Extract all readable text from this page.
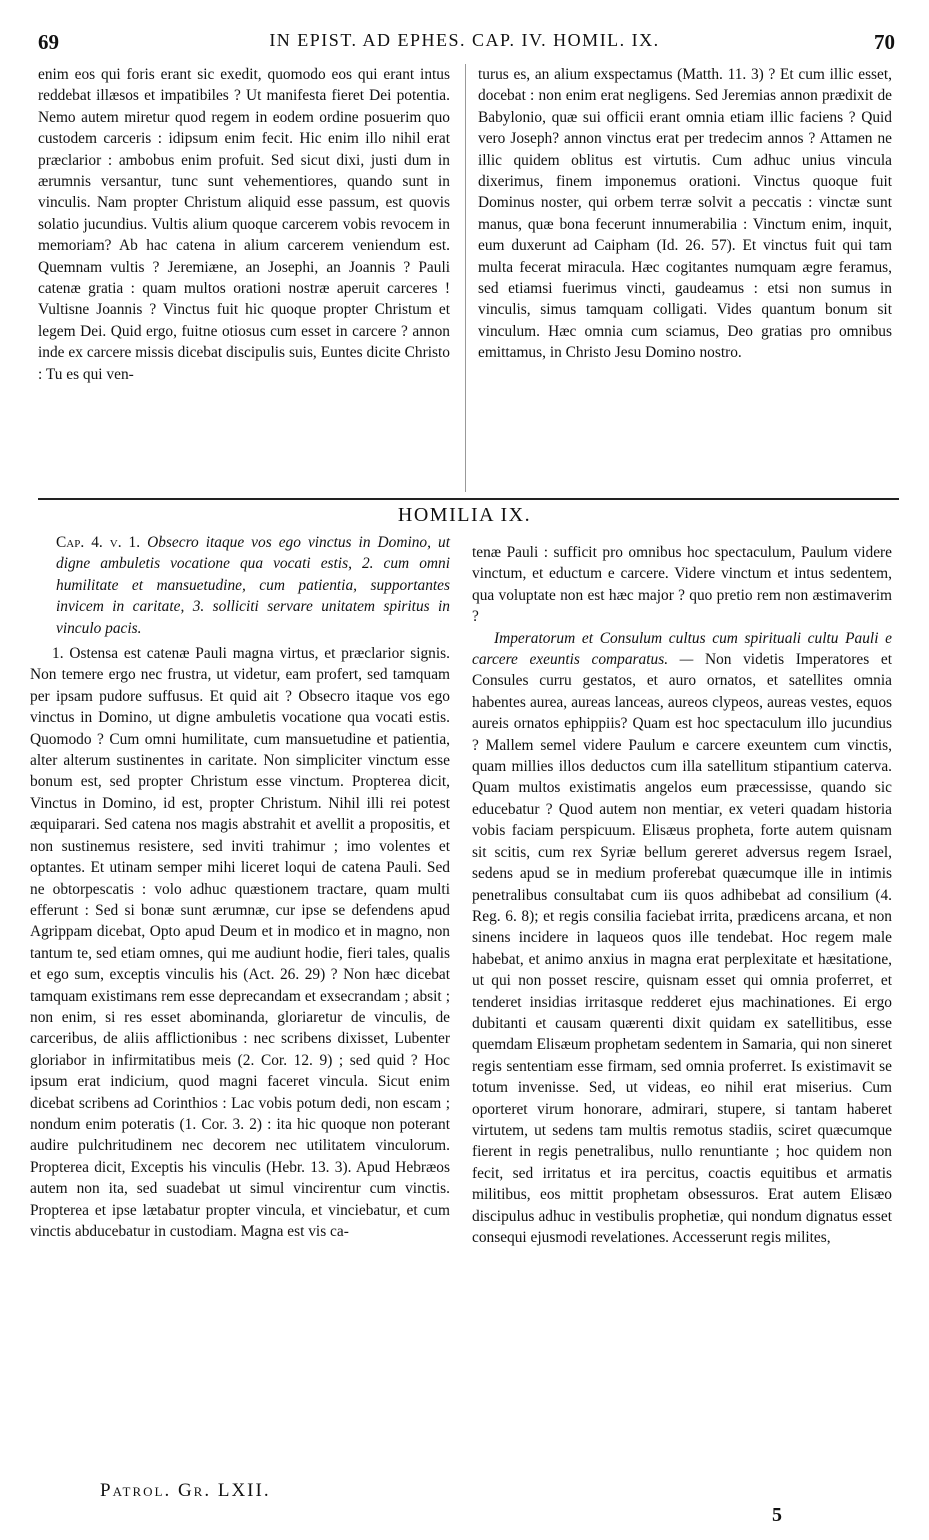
69	IN EPIST. AD EPHES. CAP. IV. HOMIL. IX.	70

enim eos qui foris erant sic exedit, quomodo eos qui erant intus reddebat illæsos et impatibiles ? Ut manifesta fieret Dei potentia. Nemo autem miretur quod regem in eodem ordine posuerim quo custodem carceris : idipsum enim fecit. Hic enim illo nihil erat præclarior : ambobus enim profuit. Sed sicut dixi, justi dum in ærumnis versantur, tunc sunt vehementiores, quando sunt in vinculis. Nam propter Christum aliquid esse passum, est quovis solatio jucundius. Vultis alium quoque carcerem vobis revocem in memoriam? Ab hac catena in alium carcerem veniendum est. Quemnam vultis ? Jeremiæne, an Josephi, an Joannis ? Pauli catenæ gratia : quam multos orationi nostræ aperuit carceres ! Vultisne Joannis ? Vinctus fuit hic quoque propter Christum et legem Dei. Quid ergo, fuitne otiosus cum esset in carcere ? annon inde ex carcere missis dicebat discipulis suis, Euntes dicite Christo : Tu es qui ven-

turus es, an alium exspectamus (Matth. 11. 3) ? Et cum illic esset, docebat : non enim erat negligens. Sed Jeremias annon prædixit de Babylonio, quæ sui officii erant omnia etiam illic faciens ? Quid vero Joseph? annon vinctus erat per tredecim annos ? Attamen ne illic quidem oblitus est virtutis. Cum adhuc unius vincula dixerimus, finem imponemus orationi. Vinctus quoque fuit Dominus noster, qui orbem terræ solvit a peccatis : vinctæ sunt manus, quæ bona fecerunt innumerabilia : Vinctum enim, inquit, eum duxerunt ad Caipham (Id. 26. 57). Et vinctus fuit qui tam multa fecerat miracula. Hæc cogitantes numquam ægre feramus, sed etiamsi fuerimus vincti, gaudeamus : etsi non sumus in vinculis, simus tamquam colligati. Vides quantum bonum sit vinculum. Hæc omnia cum sciamus, Deo gratias pro omnibus emittamus, in Christo Jesu Domino nostro.

HOMILIA IX.

Cap. 4. v. 1. Obsecro itaque vos ego vinctus in Domino, ut digne ambuletis vocatione qua vocati estis, 2. cum omni humilitate et mansuetudine, cum patientia, supportantes invicem in caritate, 3. solliciti servare unitatem spiritus in vinculo pacis.

1. Ostensa est catenæ Pauli magna virtus, et præclarior signis. Non temere ergo nec frustra, ut videtur, eam profert, sed tamquam per ipsam pudore suffusus. Et quid ait ? Obsecro itaque vos ego vinctus in Domino, ut digne ambuletis vocatione qua vocati estis. Quomodo ? Cum omni humilitate, cum mansuetudine et patientia, alter alterum sustinentes in caritate. Non simpliciter vinctum esse bonum est, sed propter Christum esse vinctum. Propterea dicit, Vinctus in Domino, id est, propter Christum. Nihil illi rei potest æquiparari. Sed catena nos magis abstrahit et avellit a propositis, et non sustinemus resistere, sed inviti trahimur ; imo volentes et optantes. Et utinam semper mihi liceret loqui de catena Pauli. Sed ne obtorpescatis : volo adhuc quæstionem tractare, quam multi efferunt : Sed si bonæ sunt ærumnæ, cur ipse se defendens apud Agrippam dicebat, Opto apud Deum et in modico et in magno, non tantum te, sed etiam omnes, qui me audiunt hodie, fieri tales, qualis et ego sum, exceptis vinculis his (Act. 26. 29) ? Non hæc dicebat tamquam existimans rem esse deprecandam et exsecrandam ; absit ; non enim, si res esset abominanda, gloriaretur de vinculis, de carceribus, de aliis afflictionibus : nec scribens dixisset, Lubenter gloriabor in infirmitatibus meis (2. Cor. 12. 9) ; sed quid ? Hoc ipsum erat indicium, quod magni faceret vincula. Sicut enim dicebat scribens ad Corinthios : Lac vobis potum dedi, non escam ; nondum enim poteratis (1. Cor. 3. 2) : ita hic quoque non poterant audire pulchritudinem nec decorem nec utilitatem vinculorum. Propterea dicit, Exceptis his vinculis (Hebr. 13. 3). Apud Hebræos autem non ita, sed suadebat ut simul vincirentur cum vinctis. Propterea et ipse lætabatur propter vincula, et vinciebatur, et cum vinctis abducebatur in custodiam. Magna est vis ca-

tenæ Pauli : sufficit pro omnibus hoc spectaculum, Paulum videre vinctum, et eductum e carcere. Videre vinctum et intus sedentem, qua voluptate non est hæc major ? quo pretio rem non æstimaverim ?

Imperatorum et Consulum cultus cum spirituali cultu Pauli e carcere exeuntis comparatus. — Non videtis Imperatores et Consules curru gestatos, et auro ornatos, et satellites omnia habentes aurea, aureas lanceas, aureos clypeos, aureas vestes, equos aureis ornatos ephippiis? Quam est hoc spectaculum illo jucundius ? Mallem semel videre Paulum e carcere exeuntem cum vinctis, quam millies illos deductos cum illa satellitum stipantium caterva. Quam multos existimatis angelos eum præcessisse, quando sic educebatur ? Quod autem non mentiar, ex veteri quadam historia vobis faciam perspicuum. Elisæus propheta, forte autem quisnam sit scitis, cum rex Syriæ bellum gereret adversus regem Israel, sedens apud se in medium proferebat quæcumque ille in intimis penetralibus consultabat cum iis quos adhibebat ad consilium (4. Reg. 6. 8); et regis consilia faciebat irrita, prædicens arcana, et non sinens incidere in laqueos quos ille tendebat. Hoc regem male habebat, et animo anxius in magna erat perplexitate et hæsitatione, ut qui non posset rescire, quisnam esset qui omnia proferret, et tenderet insidias irritasque redderet ejus machinationes. Ei ergo dubitanti et causam quærenti dixit quidam ex satellitibus, esse quemdam Elisæum prophetam sedentem in Samaria, qui non sineret regis sententiam esse firmam, sed omnia proferret. Is existimavit se totum invenisse. Sed, ut videas, eo nihil erat miserius. Cum oporteret virum honorare, admirari, stupere, si tantam haberet virtutem, ut sedens tam multis remotus stadiis, sciret quæcumque fierent in regis penetralibus, nullo renuntiante ; hoc quidem non fecit, sed irritatus et ira percitus, coactis equitibus et armatis militibus, eos mittit prophetam obsessuros. Erat autem Elisæo discipulus adhuc in vestibulis prophetiæ, qui nondum dignatus esset consequi ejusmodi revelationes. Accesserunt regis milites,

Patrol. Gr. LXII.
5
